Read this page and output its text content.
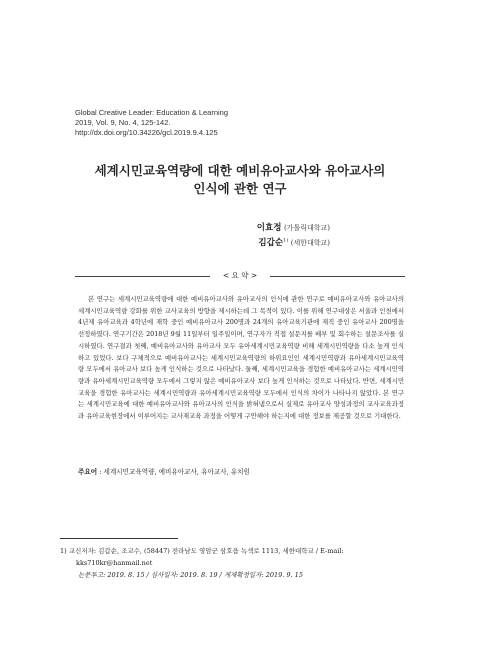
Global Creative Leader: Education & Learning
2019, Vol. 9, No. 4, 125-142.
http://dx.doi.org/10.34226/gcl.2019.9.4.125
세계시민교육역량에 대한 예비유아교사와 유아교사의
인식에 관한 연구
이효정 (가톨릭대학교)
김갑순$^{1)}$ (세한대학교)
< 요 약 >

본 연구는 세계시민교육역량에 대한 예비유아교사와 유아교사의 인식에 관한 연구로 예비유아교사와 유아교사의 세계시민교육역량 강화를 위한 교사교육의 방향을 제시하는데 그 목적이 있다. 이를 위해 연구대상은 서울과 인천에서 4년제 유아교육과 4학년에 재학 중인 예비유아교사 200명과 24개의 유아교육기관에 재직 중인 유아교사 200명을 선정하였다. 연구기간은 2018년 9월 11일부터 일주일이며, 연구자가 직접 설문지를 배부 및 회수하는 설문조사를 실시하였다. 연구결과 첫째, 예비유아교사와 유아교사 모두 유아세계시민교육역량 비해 세계시민역량을 다소 높게 인식하고 있었다. 보다 구체적으로 예비유아교사는 세계시민교육역량의 하위요인인 세계시민역량과 유아세계시민교육역량 모두에서 유아교사 보다 높게 인식하는 것으로 나타났다. 둘째, 세계시민교육을 경험한 예비유아교사는 세계시민역량과 유아세계시민교육역량 모두에서 그렇지 않은 예비유아교사 보다 높게 인식하는 것으로 나타났다. 반면, 세계시민교육을 경험한 유아교사는 세계시민역량과 유아세계시민교육역량 모두에서 인식의 차이가 나타나지 않았다. 본 연구는 세계시민교육에 대한 예비유아교사와 유아교사의 인식을 밝혀냄으로서 실제로 유아교사 양성과정의 교사교육과정과 유아교육현장에서 이루어지는 교사재교육 과정을 어떻게 구안해야 하는지에 대한 정보를 제공할 것으로 기대한다.

주요어 : 세계시민교육역량, 예비유아교사, 유아교사, 유치원
1) 교신저자: 김갑순, 조교수, (58447) 전라남도 영암군 삼호읍 녹색로 1113, 세한대학교 / E-mail:
kks710kr@hanmail.net
논문투고: 2019. 8. 15 / 심사일자: 2019. 8. 19 / 게재확정일자: 2019. 9. 15
